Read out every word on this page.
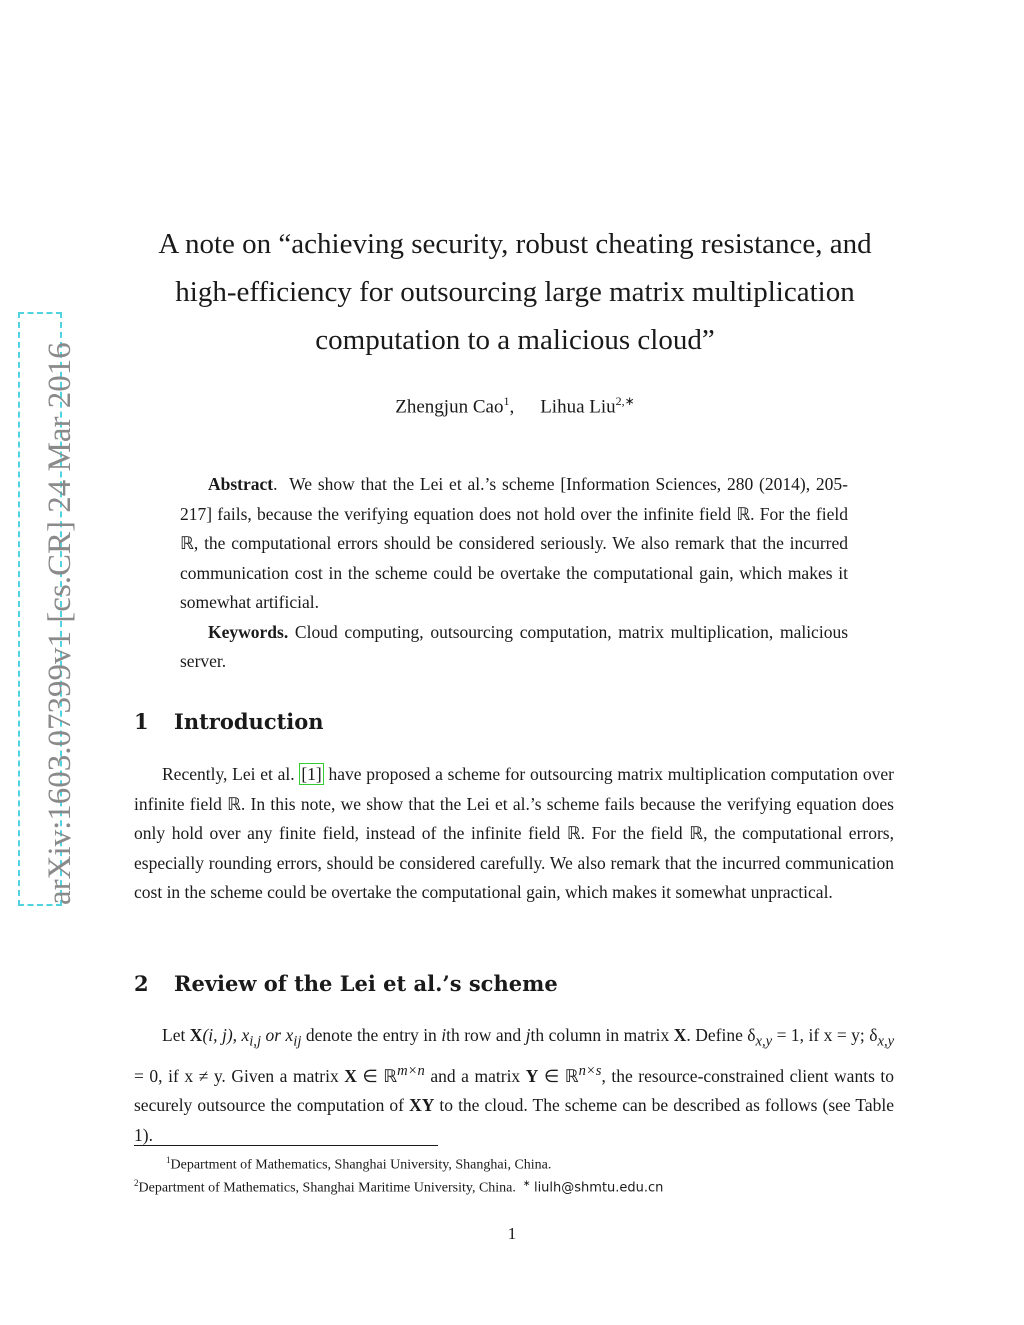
arXiv:1603.07399v1 [cs.CR] 24 Mar 2016
A note on “achieving security, robust cheating resistance, and
high-efficiency for outsourcing large matrix multiplication
computation to a malicious cloud”
Zhengjun Cao$^1$, Lihua Liu$^{2,∗}$

Abstract.  We show that the Lei et al.’s scheme [Information Sciences, 280 (2014), 205-217] fails, because the verifying equation does not hold over the infinite field ℝ. For the field ℝ, the computational errors should be considered seriously. We also remark that the incurred communication cost in the scheme could be overtake the computational gain, which makes it somewhat artificial.

Keywords. Cloud computing, outsourcing computation, matrix multiplication, malicious server.

1 Introduction

Recently, Lei et al. [1] have proposed a scheme for outsourcing matrix multiplication computation over infinite field ℝ. In this note, we show that the Lei et al.’s scheme fails because the verifying equation does only hold over any finite field, instead of the infinite field ℝ. For the field ℝ, the computational errors, especially rounding errors, should be considered carefully. We also remark that the incurred communication cost in the scheme could be overtake the computational gain, which makes it somewhat unpractical.

2 Review of the Lei et al.’s scheme

Let X(i, j), $x_{i,j}$ or $x_{ij}$ denote the entry in ith row and jth column in matrix X. Define $\delta_{x,y} = 1$, if x = y; $\delta_{x,y} = 0$, if x ≠ y. Given a matrix X ∈ ℝ$^{m\times n}$ and a matrix Y ∈ ℝ$^{n\times s}$, the resource-constrained client wants to securely outsource the computation of XY to the cloud. The scheme can be described as follows (see Table 1).

$^1$Department of Mathematics, Shanghai University, Shanghai, China.
$^2$Department of Mathematics, Shanghai Maritime University, China. ∗ liulh@shmtu.edu.cn
1
